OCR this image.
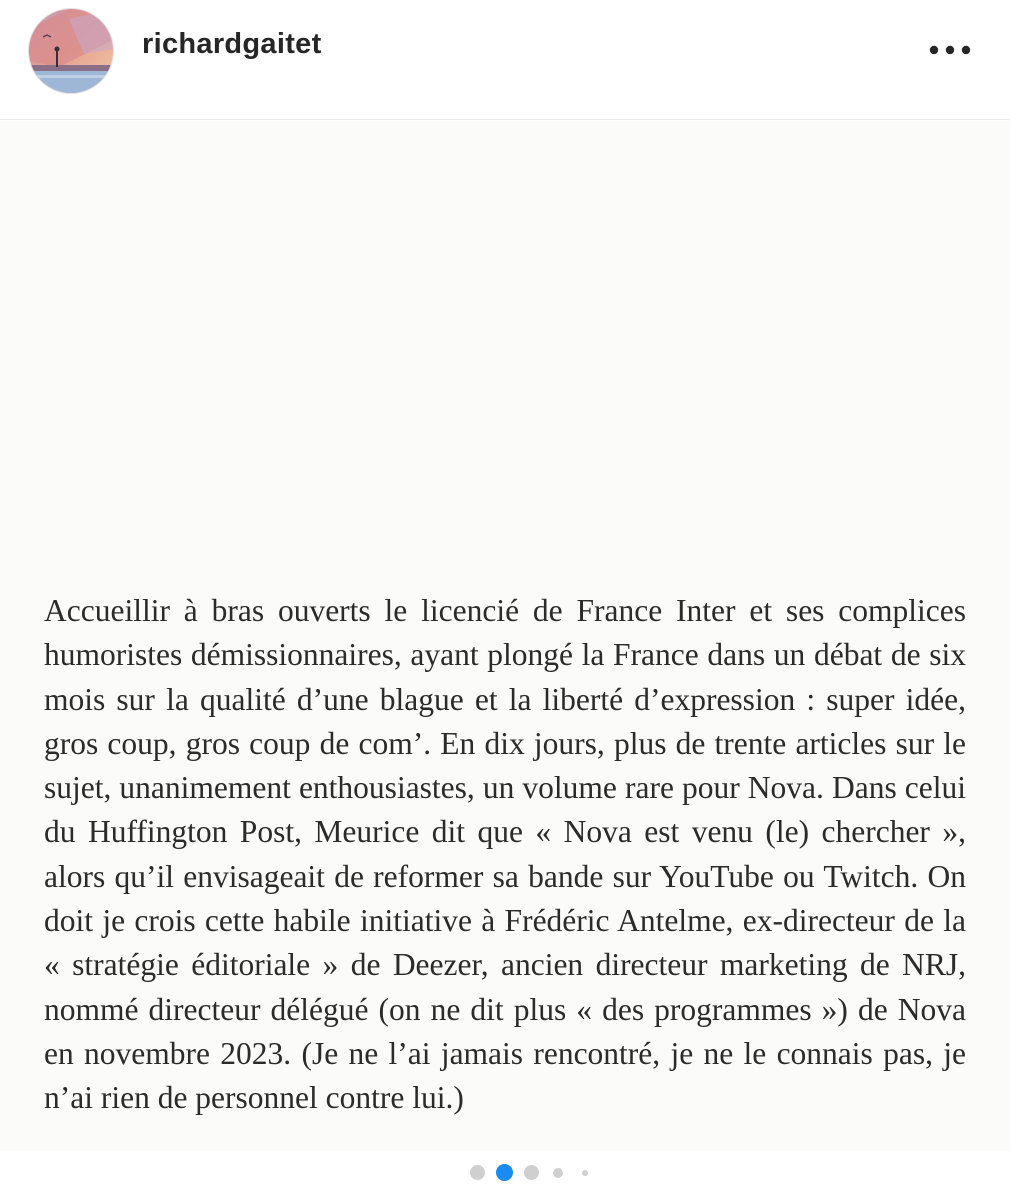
richardgaitet

Accueillir à bras ouverts le licencié de France Inter et ses complices humoristes démissionnaires, ayant plongé la France dans un débat de six mois sur la qualité d’une blague et la liberté d’expression : super idée, gros coup, gros coup de com’. En dix jours, plus de trente articles sur le sujet, unanimement enthousiastes, un volume rare pour Nova. Dans celui du Huffington Post, Meurice dit que « Nova est venu (le) chercher », alors qu’il envisageait de reformer sa bande sur YouTube ou Twitch. On doit je crois cette habile initiative à Frédéric Antelme, ex-directeur de la « stratégie éditoriale » de Deezer, ancien directeur marketing de NRJ, nommé directeur délégué (on ne dit plus « des programmes ») de Nova en novembre 2023. (Je ne l’ai jamais rencontré, je ne le connais pas, je n’ai rien de personnel contre lui.)
